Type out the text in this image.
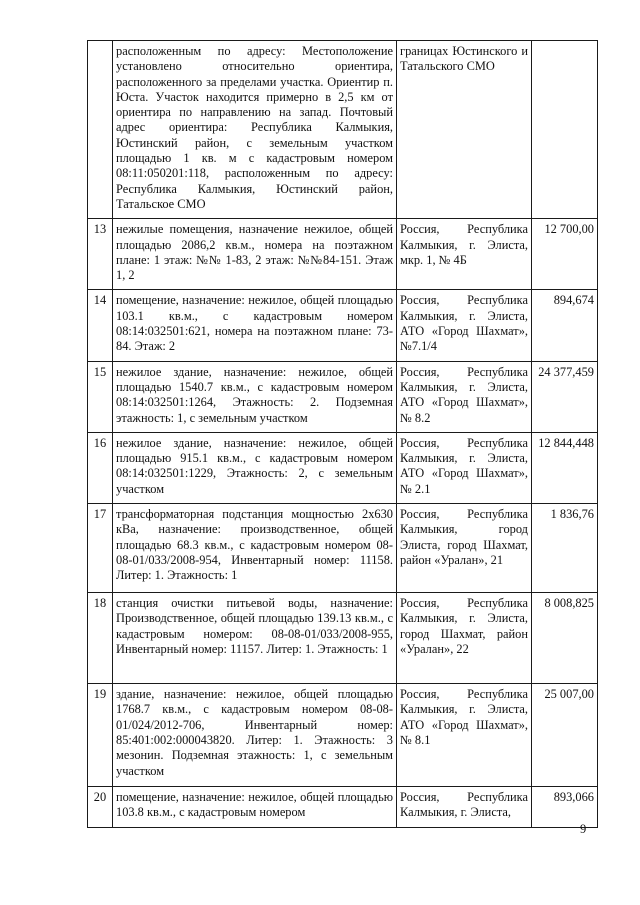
	расположенным по адресу: Местоположение установлено относительно ориентира, расположенного за пределами участка. Ориентир п. Юста. Участок находится примерно в 2,5 км от ориентира по направлению на запад. Почтовый адрес ориентира: Республика Калмыкия, Юстинский район, с земельным участком площадью 1 кв. м с кадастровым номером 08:11:050201:118, расположенным по адресу: Республика Калмыкия, Юстинский район, Татальское СМО	границах Юстинского и Татальского СМО	
13	нежилые помещения, назначение нежилое, общей площадью 2086,2 кв.м., номера на поэтажном плане: 1 этаж: №№ 1-83, 2 этаж: №№84-151. Этаж 1, 2	Россия, Республика Калмыкия, г. Элиста, мкр. 1, № 4Б	12 700,00
14	помещение, назначение: нежилое, общей площадью 103.1 кв.м., с кадастровым номером 08:14:032501:621, номера на поэтажном плане: 73-84. Этаж: 2	Россия, Республика Калмыкия, г. Элиста, АТО «Город Шахмат», №7.1/4	894,674
15	нежилое здание, назначение: нежилое, общей площадью 1540.7 кв.м., с кадастровым номером 08:14:032501:1264, Этажность: 2. Подземная этажность: 1, с земельным участком	Россия, Республика Калмыкия, г. Элиста, АТО «Город Шахмат», № 8.2	24 377,459
16	нежилое здание, назначение: нежилое, общей площадью 915.1 кв.м., с кадастровым номером 08:14:032501:1229, Этажность: 2, с земельным участком	Россия, Республика Калмыкия, г. Элиста, АТО «Город Шахмат», № 2.1	12 844,448
17	трансформаторная подстанция мощностью 2х630 кВа, назначение: производственное, общей площадью 68.3 кв.м., с кадастровым номером 08-08-01/033/2008-954, Инвентарный номер: 11158. Литер: 1. Этажность: 1	Россия, Республика Калмыкия, город Элиста, город Шахмат, район «Уралан», 21	1 836,76
18	станция очистки питьевой воды, назначение: Производственное, общей площадью 139.13 кв.м., с кадастровым номером: 08-08-01/033/2008-955, Инвентарный номер: 11157. Литер: 1. Этажность: 1	Россия, Республика Калмыкия, г. Элиста, город Шахмат, район «Уралан», 22	8 008,825
19	здание, назначение: нежилое, общей площадью 1768.7 кв.м., с кадастровым номером 08-08-01/024/2012-706, Инвентарный номер: 85:401:002:000043820. Литер: 1. Этажность: 3 мезонин. Подземная этажность: 1, с земельным участком	Россия, Республика Калмыкия, г. Элиста, АТО «Город Шахмат», № 8.1	25 007,00
20	помещение, назначение: нежилое, общей площадью 103.8 кв.м., с кадастровым номером	Россия, Республика Калмыкия, г. Элиста,	893,066
9
